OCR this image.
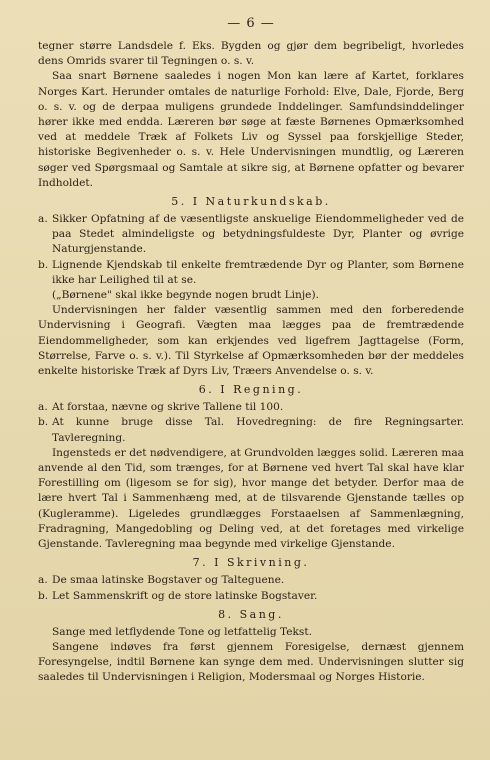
— 6 —

tegner større Landsdele f. Eks. Bygden og gjør dem begribeligt, hvorledes dens Omrids svarer til Tegningen o. s. v.

Saa snart Børnene saaledes i nogen Mon kan lære af Kartet, forklares Norges Kart. Herunder omtales de naturlige Forhold: Elve, Dale, Fjorde, Berg o. s. v. og de derpaa muligens grundede Inddelinger. Samfundsinddelinger hører ikke med endda. Læreren bør søge at fæste Børnenes Opmærksomhed ved at meddele Træk af Folkets Liv og Syssel paa forskjellige Steder, historiske Begivenheder o. s. v. Hele Undervisningen mundtlig, og Læreren søger ved Spørgsmaal og Samtale at sikre sig, at Børnene opfatter og bevarer Indholdet.

5. I Naturkundskab.
a. Sikker Opfatning af de væsentligste anskuelige Eiendommeligheder ved de paa Stedet almindeligste og betydningsfuldeste Dyr, Planter og øvrige Naturgjenstande.

b. Lignende Kjendskab til enkelte fremtrædende Dyr og Planter, som Børnene ikke har Leilighed til at se.

(„Børnene" skal ikke begynde nogen brudt Linje).

Undervisningen her falder væsentlig sammen med den forberedende Undervisning i Geografi. Vægten maa lægges paa de fremtrædende Eiendommeligheder, som kan erkjendes ved ligefrem Jagttagelse (Form, Størrelse, Farve o. s. v.). Til Styrkelse af Opmærksomheden bør der meddeles enkelte historiske Træk af Dyrs Liv, Træers Anvendelse o. s. v.

6. I Regning.
a. At forstaa, nævne og skrive Tallene til 100.

b. At kunne bruge disse Tal. Hovedregning: de fire Regningsarter. Tavleregning.

Ingensteds er det nødvendigere, at Grundvolden lægges solid. Læreren maa anvende al den Tid, som trænges, for at Børnene ved hvert Tal skal have klar Forestilling om (ligesom se for sig), hvor mange det betyder. Derfor maa de lære hvert Tal i Sammenhæng med, at de tilsvarende Gjenstande tælles op (Kugleramme). Ligeledes grundlægges Forstaaelsen af Sammenlægning, Fradragning, Mangedobling og Deling ved, at det foretages med virkelige Gjenstande. Tavleregning maa begynde med virkelige Gjenstande.

7. I Skrivning.
a. De smaa latinske Bogstaver og Talteguene.

b. Let Sammenskrift og de store latinske Bogstaver.

8. Sang.

Sange med letflydende Tone og letfattelig Tekst.

Sangene indøves fra først gjennem Foresigelse, dernæst gjennem Foresyngelse, indtil Børnene kan synge dem med. Undervisningen slutter sig saaledes til Undervisningen i Religion, Modersmaal og Norges Historie.
